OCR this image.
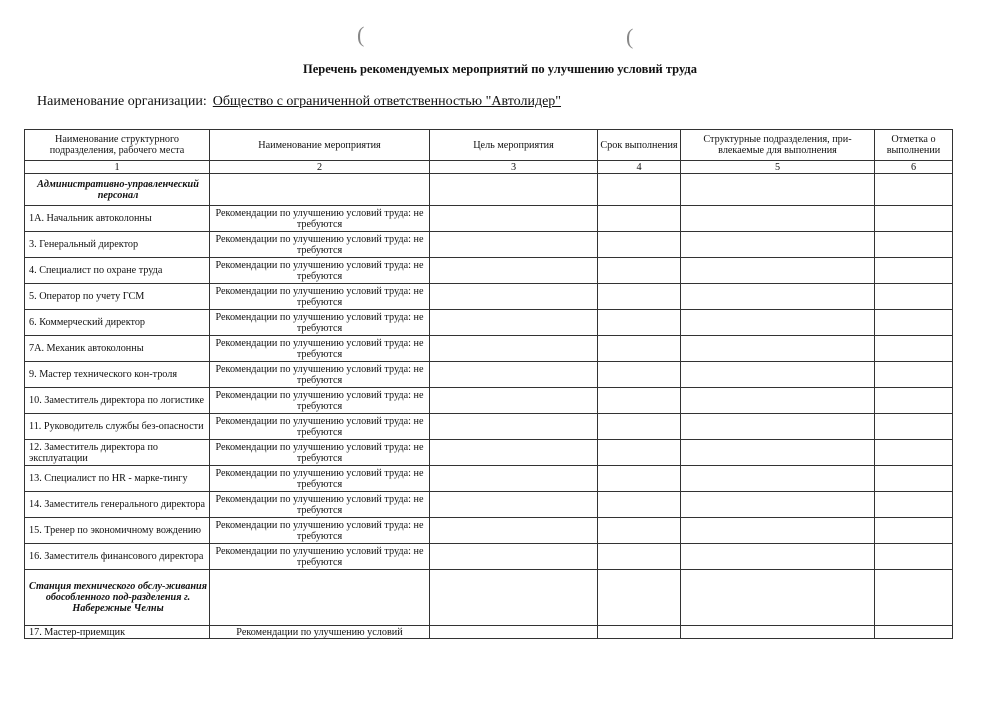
(	(
Перечень рекомендуемых мероприятий по улучшению условий труда
Наименование организации: Общество с ограниченной ответственностью "Автолидер"
Наименование структурного подразделения, рабочего места	Наименование мероприятия	Цель мероприятия	Срок выполнения	Структурные подразделения, при-влекаемые для выполнения	Отметка о выполнении
1	2	3	4	5	6
Административно-управленческий персонал					
1А. Начальник автоколонны	Рекомендации по улучшению условий труда: не требуются				
3. Генеральный директор	Рекомендации по улучшению условий труда: не требуются				
4. Специалист по охране труда	Рекомендации по улучшению условий труда: не требуются				
5. Оператор по учету ГСМ	Рекомендации по улучшению условий труда: не требуются				
6. Коммерческий директор	Рекомендации по улучшению условий труда: не требуются				
7А. Механик автоколонны	Рекомендации по улучшению условий труда: не требуются				
9. Мастер технического кон-троля	Рекомендации по улучшению условий труда: не требуются				
10. Заместитель директора по логистике	Рекомендации по улучшению условий труда: не требуются				
11. Руководитель службы без-опасности	Рекомендации по улучшению условий труда: не требуются				
12. Заместитель директора по эксплуатации	Рекомендации по улучшению условий труда: не требуются				
13. Специалист по HR - марке-тингу	Рекомендации по улучшению условий труда: не требуются				
14. Заместитель генерального директора	Рекомендации по улучшению условий труда: не требуются				
15. Тренер по экономичному вождению	Рекомендации по улучшению условий труда: не требуются				
16. Заместитель финансового директора	Рекомендации по улучшению условий труда: не требуются				
Станция технического обслу-живания обособленного под-разделения г. Набережные Челны					
17. Мастер-приемщик	Рекомендации по улучшению условий				
